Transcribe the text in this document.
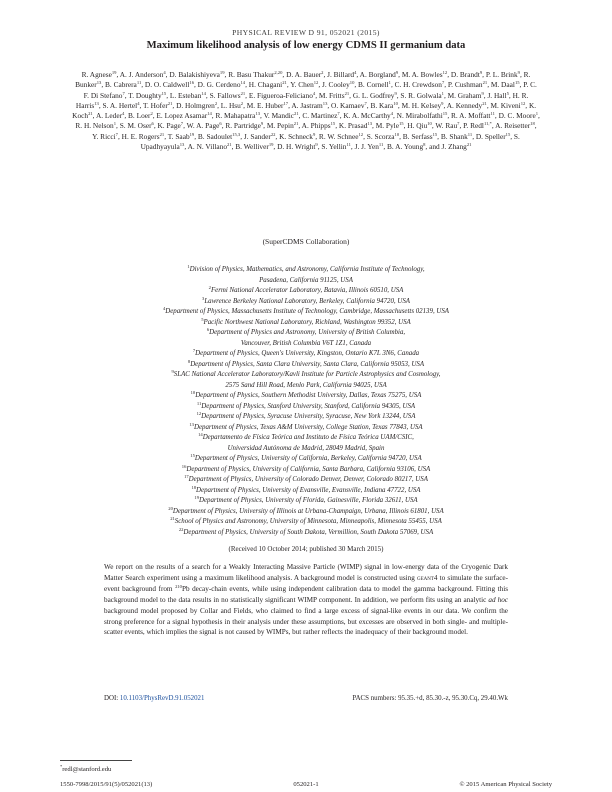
PHYSICAL REVIEW D 91, 052021 (2015)
Maximum likelihood analysis of low energy CDMS II germanium data
R. Agnese$^{19}$, A. J. Anderson$^4$, D. Balakishiyeva$^{19}$, R. Basu Thakur$^{2,20}$, D. A. Bauer$^2$, J. Billard$^4$, A. Borgland$^9$, M. A. Bowles$^{12}$, D. Brandt$^9$, P. L. Brink$^9$, R. Bunker$^{13}$, B. Cabrera$^{11}$, D. O. Caldwell$^{16}$, D. G. Cerdeno$^{14}$, H. Chagani$^{21}$, Y. Chen$^{12}$, J. Cooley$^{10}$, B. Cornell$^1$, C. H. Crewdson$^7$, P. Cushman$^{21}$, M. Daal$^{15}$, P. C. F. Di Stefano$^7$, T. Doughty$^{15}$, L. Esteban$^{14}$, S. Fallows$^{21}$, E. Figueroa-Feliciano$^4$, M. Fritts$^{21}$, G. L. Godfrey$^9$, S. R. Golwala$^1$, M. Graham$^9$, J. Hall$^5$, H. R. Harris$^{13}$, S. A. Hertel$^4$, T. Hofer$^{21}$, D. Holmgren$^2$, L. Hsu$^2$, M. E. Huber$^{17}$, A. Jastram$^{13}$, O. Kamaev$^7$, B. Kara$^{10}$, M. H. Kelsey$^9$, A. Kennedy$^{21}$, M. Kiveni$^{12}$, K. Koch$^{21}$, A. Leder$^4$, B. Loer$^2$, E. Lopez Asamar$^{14}$, R. Mahapatra$^{13}$, V. Mandic$^{21}$, C. Martinez$^7$, K. A. McCarthy$^4$, N. Mirabolfathi$^{15}$, R. A. Moffatt$^{11}$, D. C. Moore$^1$, R. H. Nelson$^1$, S. M. Oser$^6$, K. Page$^7$, W. A. Page$^6$, R. Partridge$^9$, M. Pepin$^{21}$, A. Phipps$^{15}$, K. Prasad$^{13}$, M. Pyle$^{15}$, H. Qiu$^{10}$, W. Rau$^7$, P. Redl$^{11,*}$, A. Reisetter$^{18}$, Y. Ricci$^7$, H. E. Rogers$^{21}$, T. Saab$^{19}$, B. Sadoulet$^{15,3}$, J. Sander$^{22}$, K. Schneck$^9$, R. W. Schnee$^{12}$, S. Scorza$^{10}$, B. Serfass$^{15}$, B. Shank$^{11}$, D. Speller$^{15}$, S. Upadhyayula$^{13}$, A. N. Villano$^{21}$, B. Welliver$^{19}$, D. H. Wright$^9$, S. Yellin$^{11}$, J. J. Yen$^{11}$, B. A. Young$^8$, and J. Zhang$^{21}$
(SuperCDMS Collaboration)
$^1$Division of Physics, Mathematics, and Astronomy, California Institute of Technology,
Pasadena, California 91125, USA
$^2$Fermi National Accelerator Laboratory, Batavia, Illinois 60510, USA
$^3$Lawrence Berkeley National Laboratory, Berkeley, California 94720, USA
$^4$Department of Physics, Massachusetts Institute of Technology, Cambridge, Massachusetts 02139, USA
$^5$Pacific Northwest National Laboratory, Richland, Washington 99352, USA
$^6$Department of Physics and Astronomy, University of British Columbia,
Vancouver, British Columbia V6T 1Z1, Canada
$^7$Department of Physics, Queen's University, Kingston, Ontario K7L 3N6, Canada
$^8$Department of Physics, Santa Clara University, Santa Clara, California 95053, USA
$^9$SLAC National Accelerator Laboratory/Kavli Institute for Particle Astrophysics and Cosmology,
2575 Sand Hill Road, Menlo Park, California 94025, USA
$^{10}$Department of Physics, Southern Methodist University, Dallas, Texas 75275, USA
$^{11}$Department of Physics, Stanford University, Stanford, California 94305, USA
$^{12}$Department of Physics, Syracuse University, Syracuse, New York 13244, USA
$^{13}$Department of Physics, Texas A&M University, College Station, Texas 77843, USA
$^{14}$Departamento de Física Teórica and Instituto de Física Teórica UAM/CSIC,
Universidad Autónoma de Madrid, 28049 Madrid, Spain
$^{15}$Department of Physics, University of California, Berkeley, California 94720, USA
$^{16}$Department of Physics, University of California, Santa Barbara, California 93106, USA
$^{17}$Department of Physics, University of Colorado Denver, Denver, Colorado 80217, USA
$^{18}$Department of Physics, University of Evansville, Evansville, Indiana 47722, USA
$^{19}$Department of Physics, University of Florida, Gainesville, Florida 32611, USA
$^{20}$Department of Physics, University of Illinois at Urbana-Champaign, Urbana, Illinois 61801, USA
$^{21}$School of Physics and Astronomy, University of Minnesota, Minneapolis, Minnesota 55455, USA
$^{22}$Department of Physics, University of South Dakota, Vermillion, South Dakota 57069, USA
(Received 10 October 2014; published 30 March 2015)
We report on the results of a search for a Weakly Interacting Massive Particle (WIMP) signal in low-energy data of the Cryogenic Dark Matter Search experiment using a maximum likelihood analysis. A background model is constructed using geant4 to simulate the surface-event background from $^{210}$Pb decay-chain events, while using independent calibration data to model the gamma background. Fitting this background model to the data results in no statistically significant WIMP component. In addition, we perform fits using an analytic ad hoc background model proposed by Collar and Fields, who claimed to find a large excess of signal-like events in our data. We confirm the strong preference for a signal hypothesis in their analysis under these assumptions, but excesses are observed in both single- and multiple-scatter events, which implies the signal is not caused by WIMPs, but rather reflects the inadequacy of their background model.
DOI: 10.1103/PhysRevD.91.052021	PACS numbers: 95.35.+d, 85.30.-z, 95.30.Cq, 29.40.Wk
*redl@stanford.edu
1550-7998/2015/91(5)/052021(13)	052021-1	© 2015 American Physical Society
